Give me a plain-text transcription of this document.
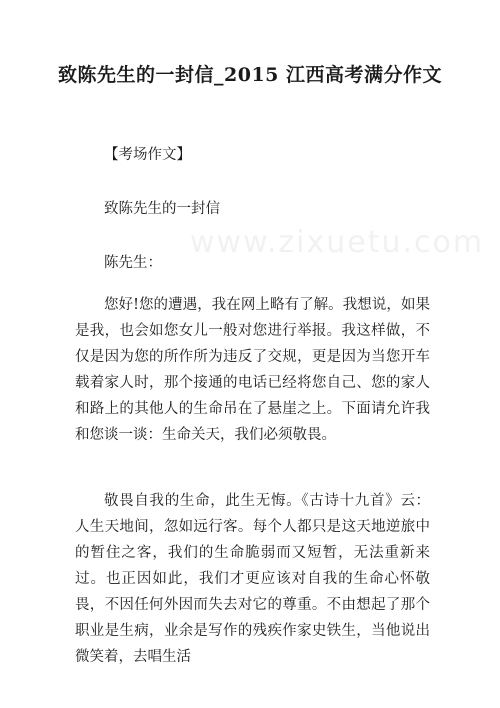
www.zixuetu.com
致陈先生的一封信_2015 江西高考满分作文

【考场作文】

致陈先生的一封信

陈先生：

您好!您的遭遇，我在网上略有了解。我想说，如果是我，也会如您女儿一般对您进行举报。我这样做，不仅是因为您的所作所为违反了交规，更是因为当您开车载着家人时，那个接通的电话已经将您自己、您的家人和路上的其他人的生命吊在了悬崖之上。下面请允许我和您谈一谈：生命关天，我们必须敬畏。

敬畏自我的生命，此生无悔。《古诗十九首》云：人生天地间，忽如远行客。每个人都只是这天地逆旅中的暂住之客，我们的生命脆弱而又短暂，无法重新来过。也正因如此，我们才更应该对自我的生命心怀敬畏，不因任何外因而失去对它的尊重。不由想起了那个职业是生病，业余是写作的残疾作家史铁生，当他说出微笑着，去唱生活
